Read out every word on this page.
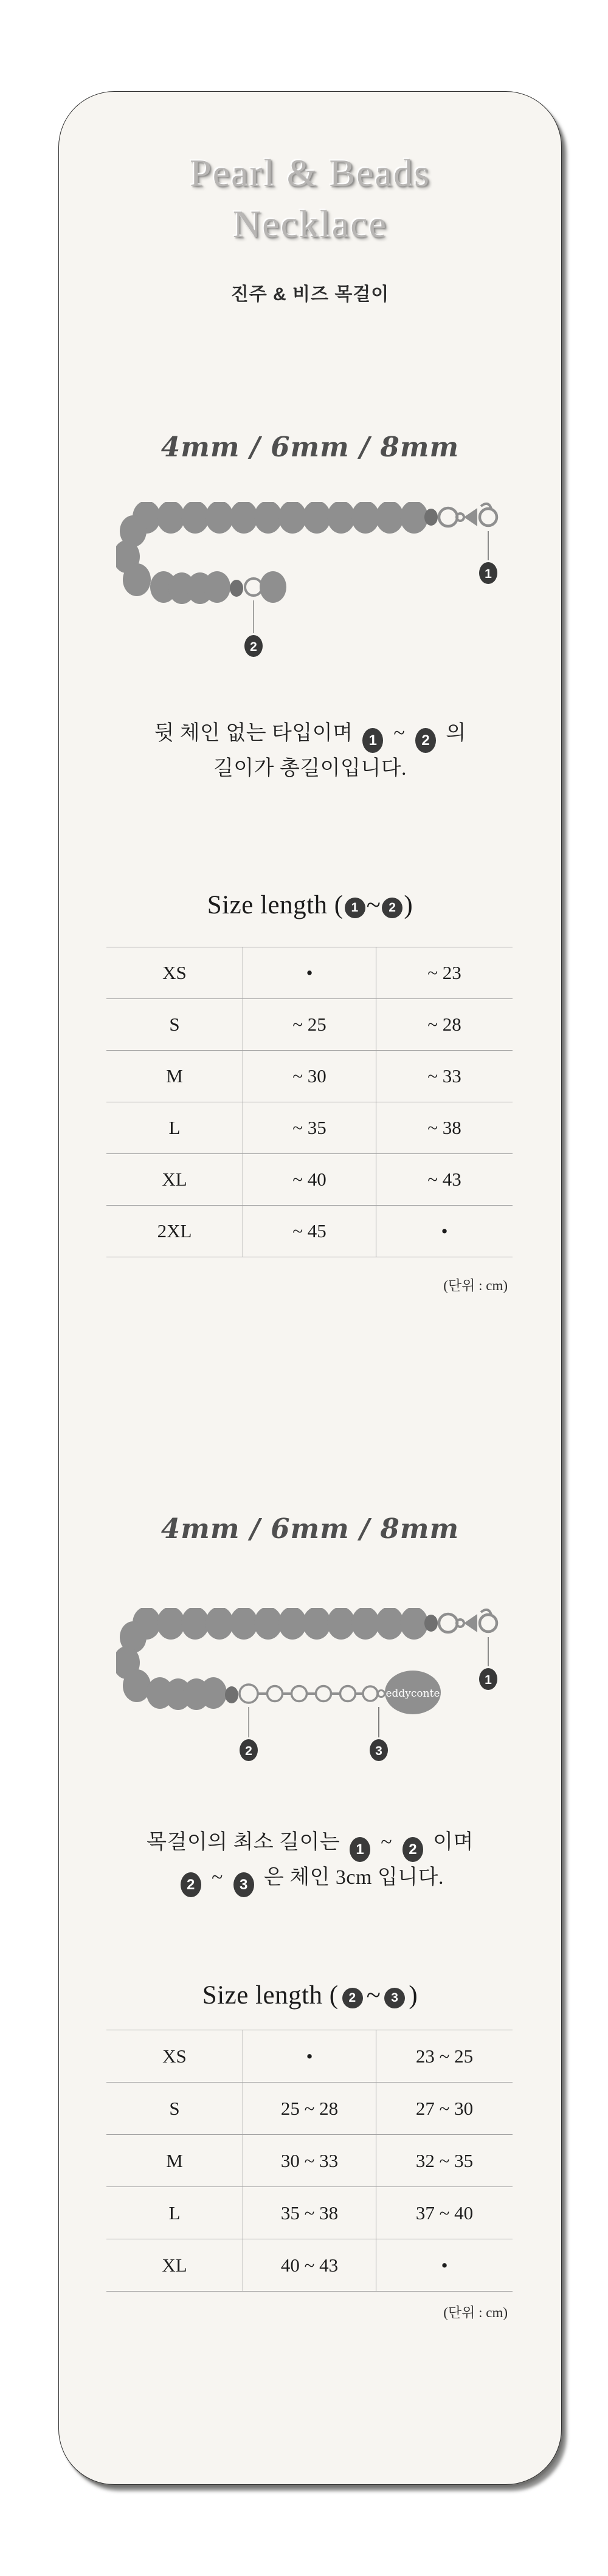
Pearl & Beads
Necklace
진주 & 비즈 목걸이
4mm / 6mm / 8mm
1
2
뒷 체인 없는 타입이며 1 ~ 2 의
길이가 총길이입니다.
Size length ( 1 ~ 2 )
XS	•	~ 23
S	~ 25	~ 28
M	~ 30	~ 33
L	~ 35	~ 38
XL	~ 40	~ 43
2XL	~ 45	•
(단위 : cm)
4mm / 6mm / 8mm
eddyconte
1
2	3
목걸이의 최소 길이는 1 ~ 2 이며
2 ~ 3 은 체인 3cm 입니다.
Size length ( 2 ~ 3 )
XS	•	23 ~ 25
S	25 ~ 28	27 ~ 30
M	30 ~ 33	32 ~ 35
L	35 ~ 38	37 ~ 40
XL	40 ~ 43	•
(단위 : cm)
